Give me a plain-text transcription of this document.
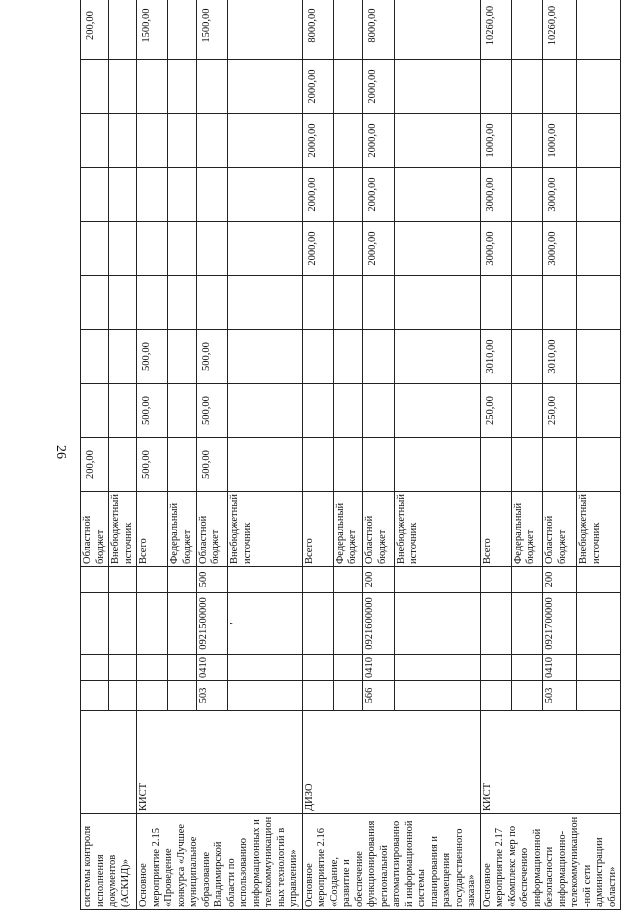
26
системы контроля исполнения документов (АСКИД)»						Областной бюджет	200,00								200,00
						Внебюджетный источник									
Основное мероприятие 2.15 «Проведение конкурса «Лучшее муниципальное образование Владимирской области по использованию информационных и телекоммуникацион ных технологий в управлении»	КИСТ					Всего	500,00	500,00	500,00						1500,00
						Федеральный бюджет									
		503	0410	0921500000	500	Областной бюджет	500,00	500,00	500,00						1500,00
				'		Внебюджетный источник									
Основное мероприятие 2.16 «Создание, развитие и обеспечение функционирования региональной автоматизированной информационной системы планирования и размещения государственного заказа»	ДИЗО					Всего					2000,00	2000,00	2000,00	2000,00	8000,00
						Федеральный бюджет									
		566	0410	0921600000	200	Областной бюджет					2000,00	2000,00	2000,00	2000,00	8000,00
						Внебюджетный источник									
Основное мероприятие 2.17 «Комплекс мер по обеспечению информационной безопасности информационно-телекоммуникацион-ной сети администрации области»	КИСТ					Всего		250,00	3010,00		3000,00	3000,00	1000,00		10260,00
						Федеральный бюджет									
		503	0410	0921700000	200	Областной бюджет		250,00	3010,00		3000,00	3000,00	1000,00		10260,00
						Внебюджетный источник									
